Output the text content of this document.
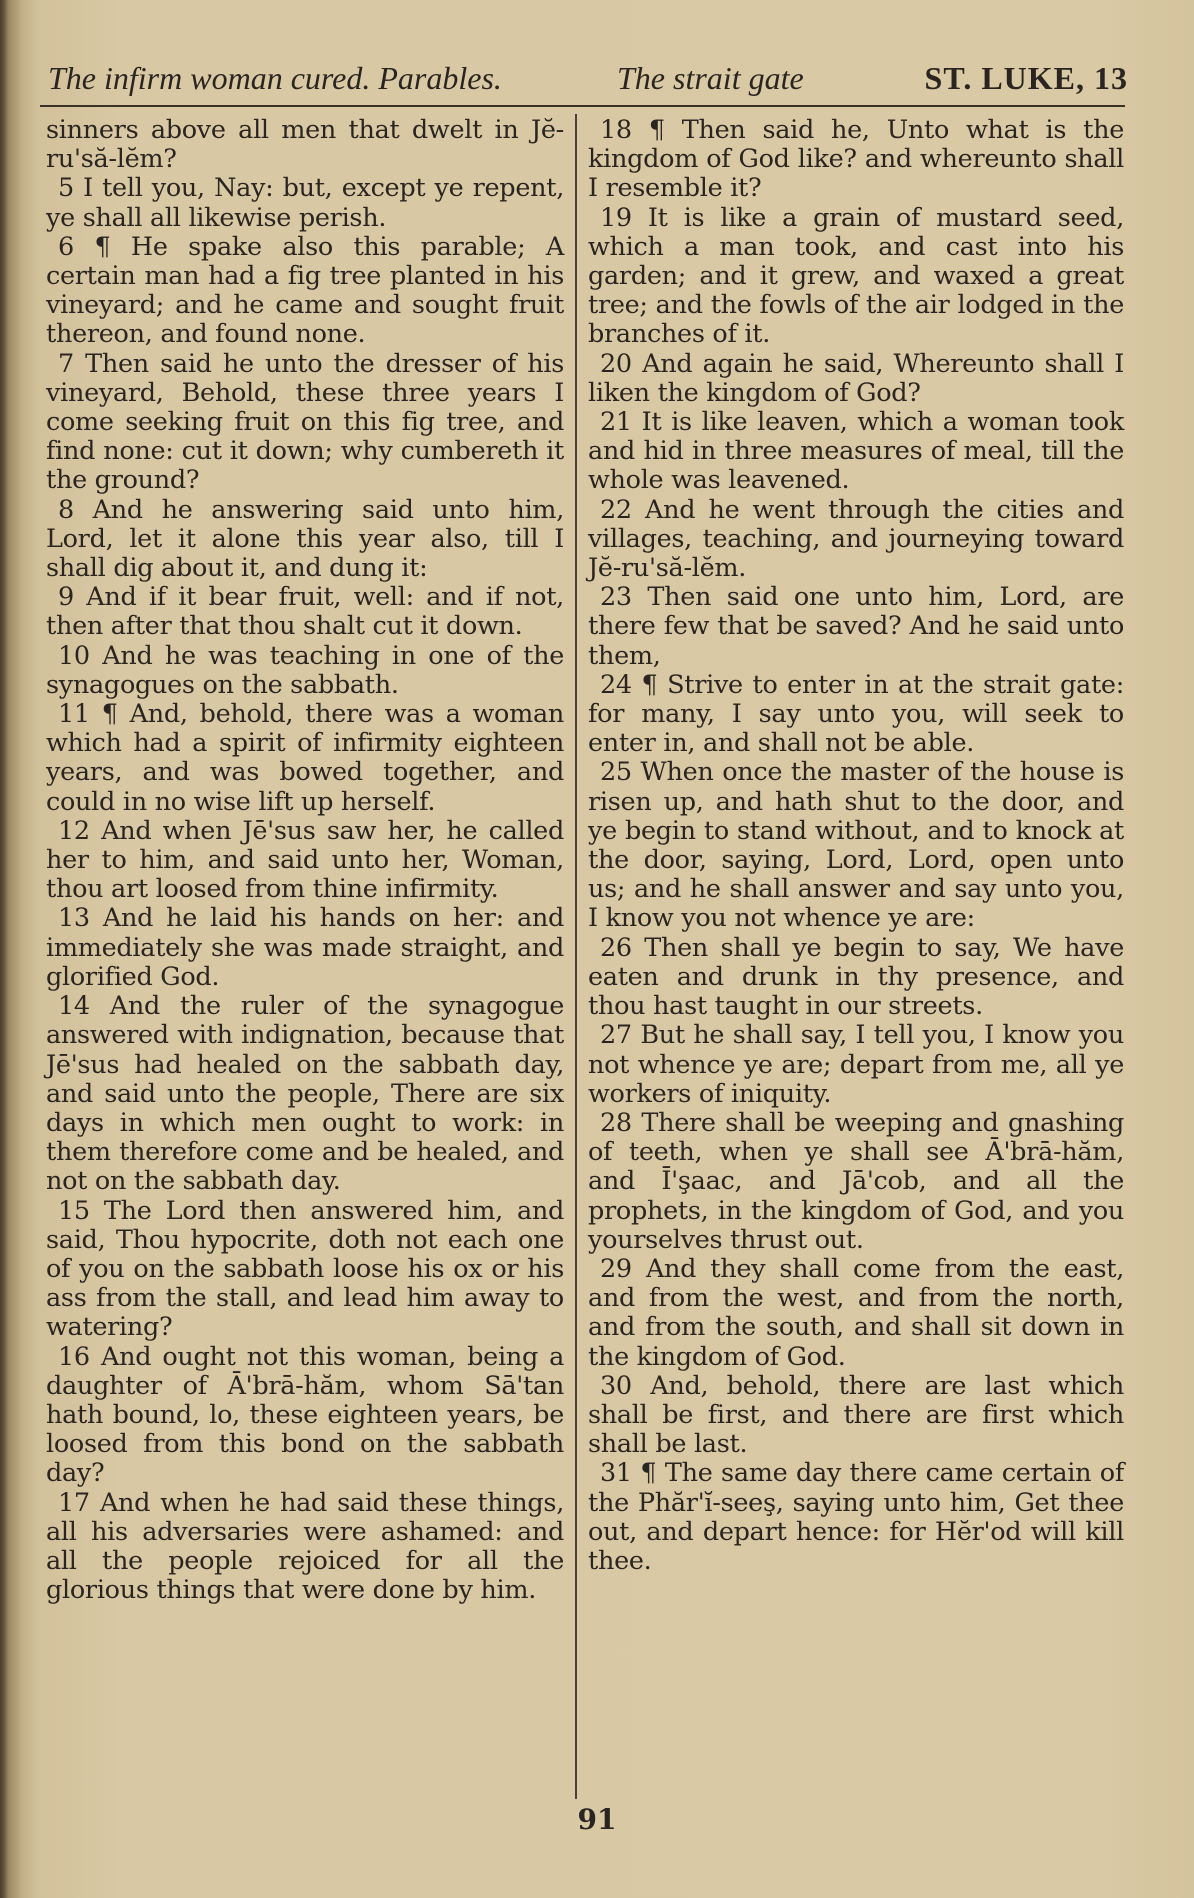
The infirm woman cured. Parables.	The strait gate	ST. LUKE, 13

sinners above all men that dwelt in Jĕ-ru'să-lĕm?

5 I tell you, Nay: but, except ye repent, ye shall all likewise perish.

6 ¶ He spake also this parable; A certain man had a fig tree planted in his vineyard; and he came and sought fruit thereon, and found none.

7 Then said he unto the dresser of his vineyard, Behold, these three years I come seeking fruit on this fig tree, and find none: cut it down; why cumbereth it the ground?

8 And he answering said unto him, Lord, let it alone this year also, till I shall dig about it, and dung it:

9 And if it bear fruit, well: and if not, then after that thou shalt cut it down.

10 And he was teaching in one of the synagogues on the sabbath.

11 ¶ And, behold, there was a woman which had a spirit of infirmity eighteen years, and was bowed together, and could in no wise lift up herself.

12 And when Jē'sus saw her, he called her to him, and said unto her, Woman, thou art loosed from thine infirmity.

13 And he laid his hands on her: and immediately she was made straight, and glorified God.

14 And the ruler of the synagogue answered with indignation, because that Jē'sus had healed on the sabbath day, and said unto the people, There are six days in which men ought to work: in them therefore come and be healed, and not on the sabbath day.

15 The Lord then answered him, and said, Thou hypocrite, doth not each one of you on the sabbath loose his ox or his ass from the stall, and lead him away to watering?

16 And ought not this woman, being a daughter of Ā'brā-hăm, whom Sā'tan hath bound, lo, these eighteen years, be loosed from this bond on the sabbath day?

17 And when he had said these things, all his adversaries were ashamed: and all the people rejoiced for all the glorious things that were done by him.

18 ¶ Then said he, Unto what is the kingdom of God like? and whereunto shall I resemble it?

19 It is like a grain of mustard seed, which a man took, and cast into his garden; and it grew, and waxed a great tree; and the fowls of the air lodged in the branches of it.

20 And again he said, Whereunto shall I liken the kingdom of God?

21 It is like leaven, which a woman took and hid in three measures of meal, till the whole was leavened.

22 And he went through the cities and villages, teaching, and journeying toward Jĕ-ru'să-lĕm.

23 Then said one unto him, Lord, are there few that be saved? And he said unto them,

24 ¶ Strive to enter in at the strait gate: for many, I say unto you, will seek to enter in, and shall not be able.

25 When once the master of the house is risen up, and hath shut to the door, and ye begin to stand without, and to knock at the door, saying, Lord, Lord, open unto us; and he shall answer and say unto you, I know you not whence ye are:

26 Then shall ye begin to say, We have eaten and drunk in thy presence, and thou hast taught in our streets.

27 But he shall say, I tell you, I know you not whence ye are; depart from me, all ye workers of iniquity.

28 There shall be weeping and gnashing of teeth, when ye shall see Ā'brā-hăm, and Ī'şaac, and Jā'cob, and all the prophets, in the kingdom of God, and you yourselves thrust out.

29 And they shall come from the east, and from the west, and from the north, and from the south, and shall sit down in the kingdom of God.

30 And, behold, there are last which shall be first, and there are first which shall be last.

31 ¶ The same day there came certain of the Phăr'ĭ-seeş, saying unto him, Get thee out, and depart hence: for Hĕr'od will kill thee.

91
